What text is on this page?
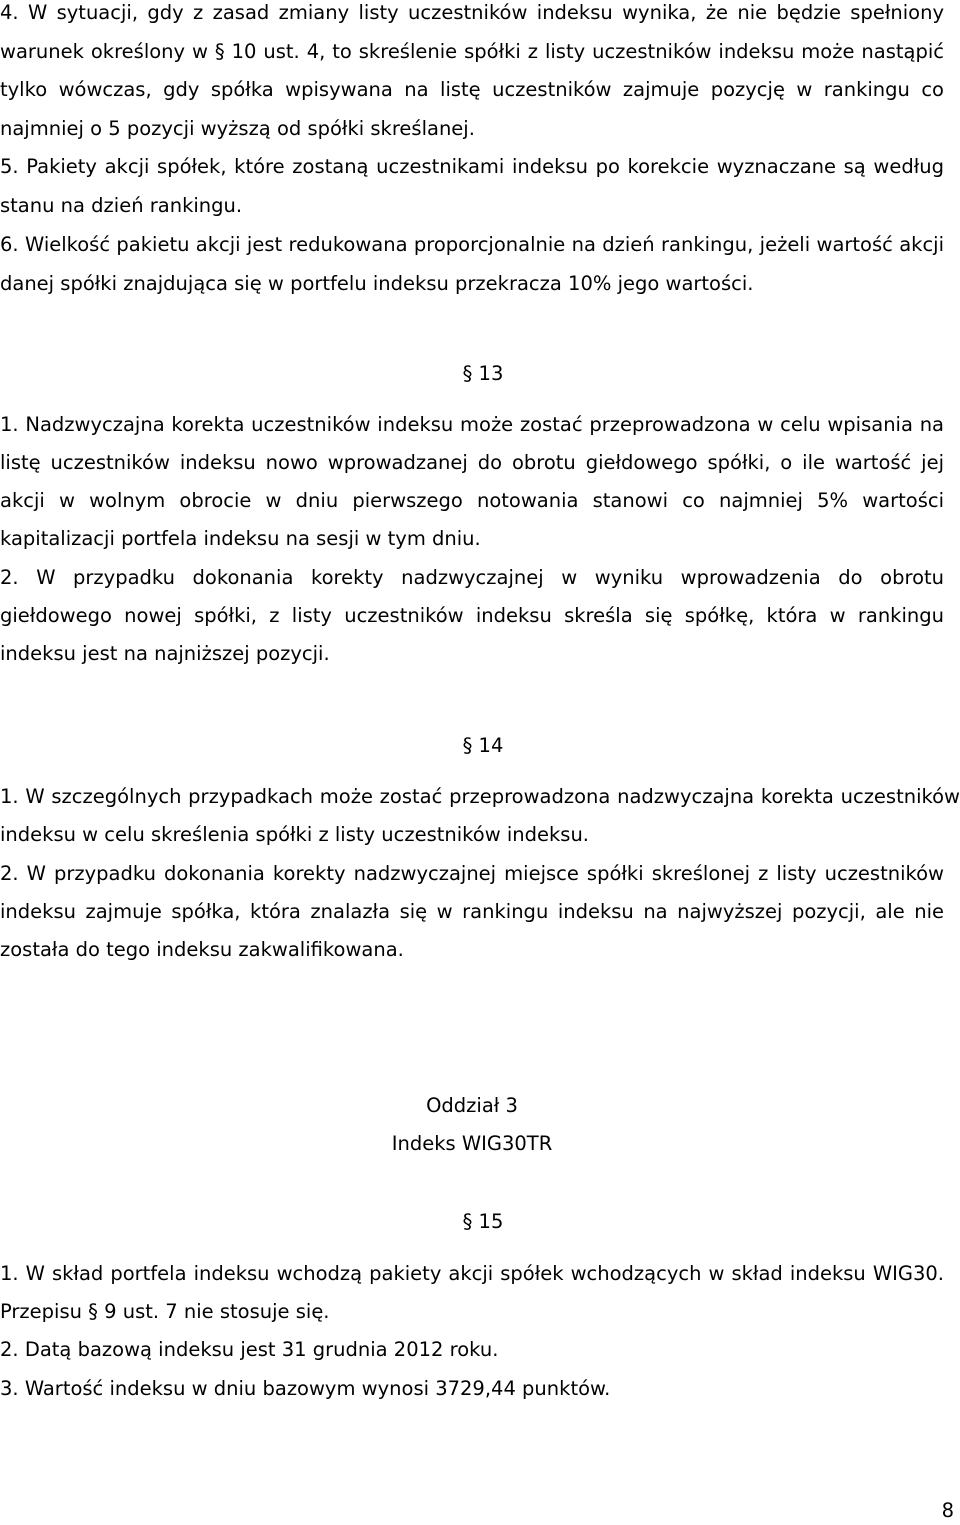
4. W sytuacji, gdy z zasad zmiany listy uczestników indeksu wynika, że nie będzie spełniony warunek określony w § 10 ust. 4, to skreślenie spółki z listy uczestników indeksu może nastąpić tylko wówczas, gdy spółka wpisywana na listę uczestników zajmuje pozycję w rankingu co najmniej o 5 pozycji wyższą od spółki skreślanej.

5. Pakiety akcji spółek, które zostaną uczestnikami indeksu po korekcie wyznaczane są według stanu na dzień rankingu.

6. Wielkość pakietu akcji jest redukowana proporcjonalnie na dzień rankingu, jeżeli wartość akcji danej spółki znajdująca się w portfelu indeksu przekracza 10% jego wartości.

§ 13

1. Nadzwyczajna korekta uczestników indeksu może zostać przeprowadzona w celu wpisania na listę uczestników indeksu nowo wprowadzanej do obrotu giełdowego spółki, o ile wartość jej akcji w wolnym obrocie w dniu pierwszego notowania stanowi co najmniej 5% wartości kapitalizacji portfela indeksu na sesji w tym dniu.

2. W przypadku dokonania korekty nadzwyczajnej w wyniku wprowadzenia do obrotu giełdowego nowej spółki, z listy uczestników indeksu skreśla się spółkę, która w rankingu indeksu jest na najniższej pozycji.

§ 14

1. W szczególnych przypadkach może zostać przeprowadzona nadzwyczajna korekta uczestników indeksu w celu skreślenia spółki z listy uczestników indeksu.

2. W przypadku dokonania korekty nadzwyczajnej miejsce spółki skreślonej z listy uczestników indeksu zajmuje spółka, która znalazła się w rankingu indeksu na najwyższej pozycji, ale nie została do tego indeksu zakwalifikowana.

Oddział 3
Indeks WIG30TR
§ 15

1. W skład portfela indeksu wchodzą pakiety akcji spółek wchodzących w skład indeksu WIG30. Przepisu § 9 ust. 7 nie stosuje się.

2. Datą bazową indeksu jest 31 grudnia 2012 roku.

3. Wartość indeksu w dniu bazowym wynosi 3729,44 punktów.

8
